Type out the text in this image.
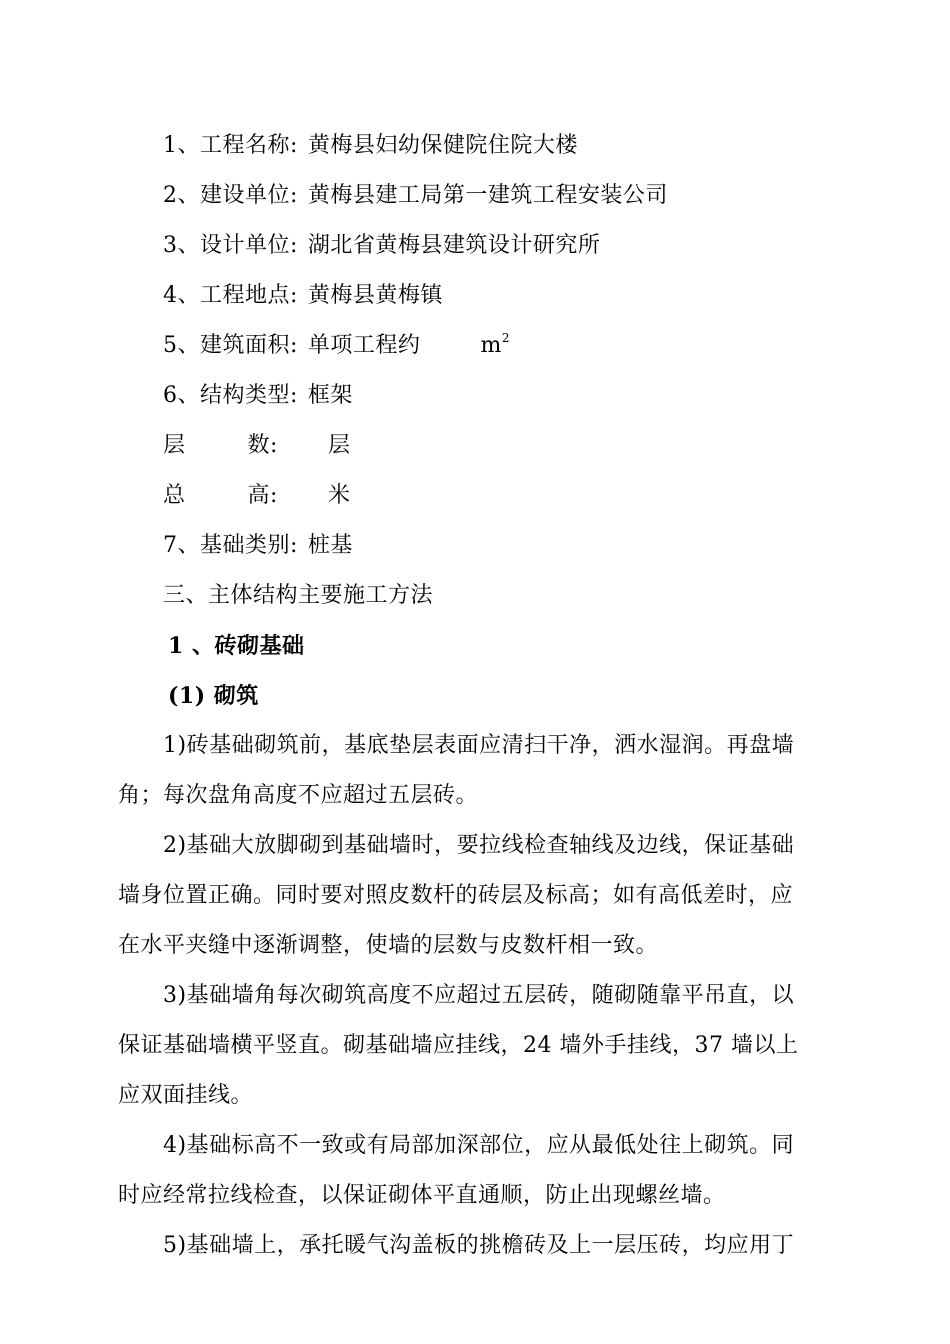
1、工程名称: 黄梅县妇幼保健院住院大楼
2、建设单位: 黄梅县建工局第一建筑工程安装公司
3、设计单位: 湖北省黄梅县建筑设计研究所
4、工程地点: 黄梅县黄梅镇
5、建筑面积: 单项工程约	$m^2$
6、结构类型: 框架
层	数: 层
总	高: 米
7、基础类别: 桩基
三、主体结构主要施工方法
1 、砖砌基础
(1) 砌筑
1)砖基础砌筑前，基底垫层表面应清扫干净，洒水湿润。再盘墙
角；每次盘角高度不应超过五层砖。
2)基础大放脚砌到基础墙时，要拉线检查轴线及边线，保证基础
墙身位置正确。同时要对照皮数杆的砖层及标高；如有高低差时，应
在水平夹缝中逐渐调整，使墙的层数与皮数杆相一致。
3)基础墙角每次砌筑高度不应超过五层砖，随砌随靠平吊直，以
保证基础墙横平竖直。砌基础墙应挂线，24 墙外手挂线，37 墙以上
应双面挂线。
4)基础标高不一致或有局部加深部位，应从最低处往上砌筑。同
时应经常拉线检查，以保证砌体平直通顺，防止出现螺丝墙。
5)基础墙上，承托暖气沟盖板的挑檐砖及上一层压砖，均应用丁
